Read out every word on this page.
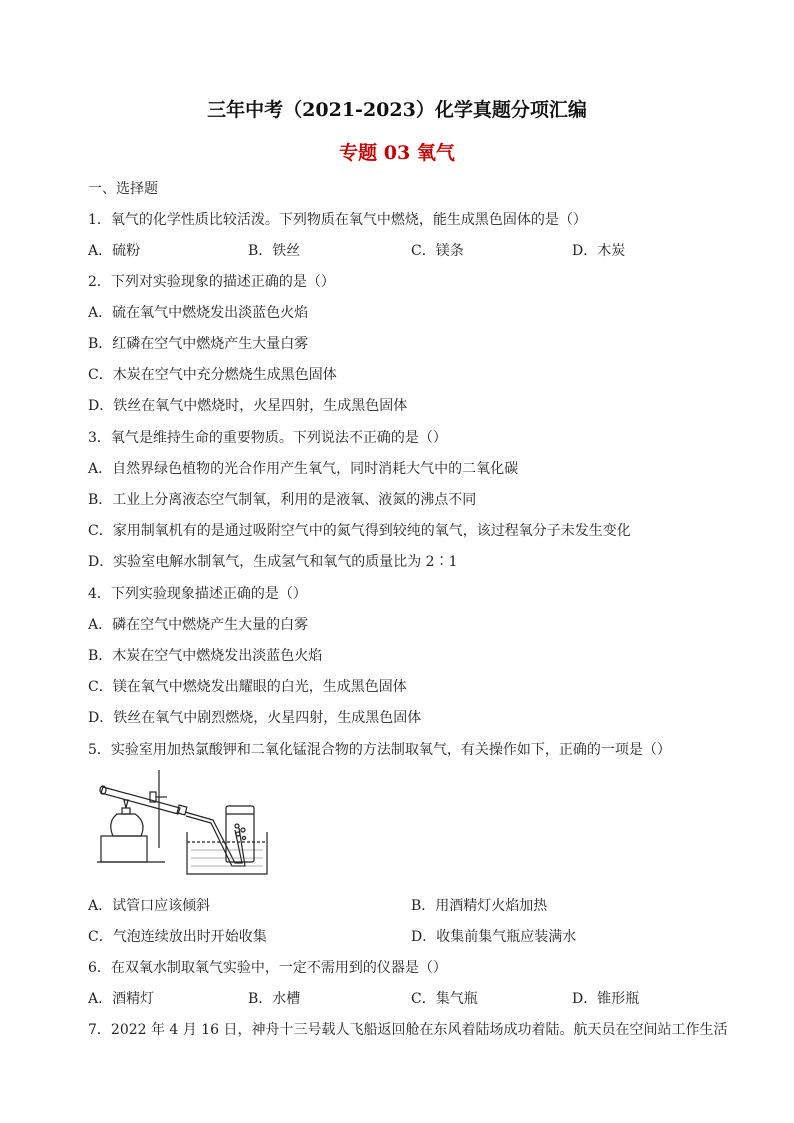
三年中考（2021-2023）化学真题分项汇编
专题 03 氧气
一、选择题
1．氧气的化学性质比较活泼。下列物质在氧气中燃烧，能生成黑色固体的是（）
A．硫粉	B．铁丝	C．镁条	D．木炭
2．下列对实验现象的描述正确的是（）
A．硫在氧气中燃烧发出淡蓝色火焰
B．红磷在空气中燃烧产生大量白雾
C．木炭在空气中充分燃烧生成黑色固体
D．铁丝在氧气中燃烧时，火星四射，生成黑色固体
3．氧气是维持生命的重要物质。下列说法不正确的是（）
A．自然界绿色植物的光合作用产生氧气，同时消耗大气中的二氧化碳
B．工业上分离液态空气制氧，利用的是液氧、液氮的沸点不同
C．家用制氧机有的是通过吸附空气中的氮气得到较纯的氧气，该过程氧分子未发生变化
D．实验室电解水制氧气，生成氢气和氧气的质量比为 2∶1
4．下列实验现象描述正确的是（）
A．磷在空气中燃烧产生大量的白雾
B．木炭在空气中燃烧发出淡蓝色火焰
C．镁在氧气中燃烧发出耀眼的白光，生成黑色固体
D．铁丝在氧气中剧烈燃烧，火星四射，生成黑色固体
5．实验室用加热氯酸钾和二氧化锰混合物的方法制取氧气，有关操作如下，正确的一项是（）
A．试管口应该倾斜	B．用酒精灯火焰加热
C．气泡连续放出时开始收集	D．收集前集气瓶应装满水
6．在双氧水制取氧气实验中，一定不需用到的仪器是（）
A．酒精灯	B．水槽	C．集气瓶	D．锥形瓶
7．2022 年 4 月 16 日，神舟十三号载人飞船返回舱在东风着陆场成功着陆。航天员在空间站工作生活
